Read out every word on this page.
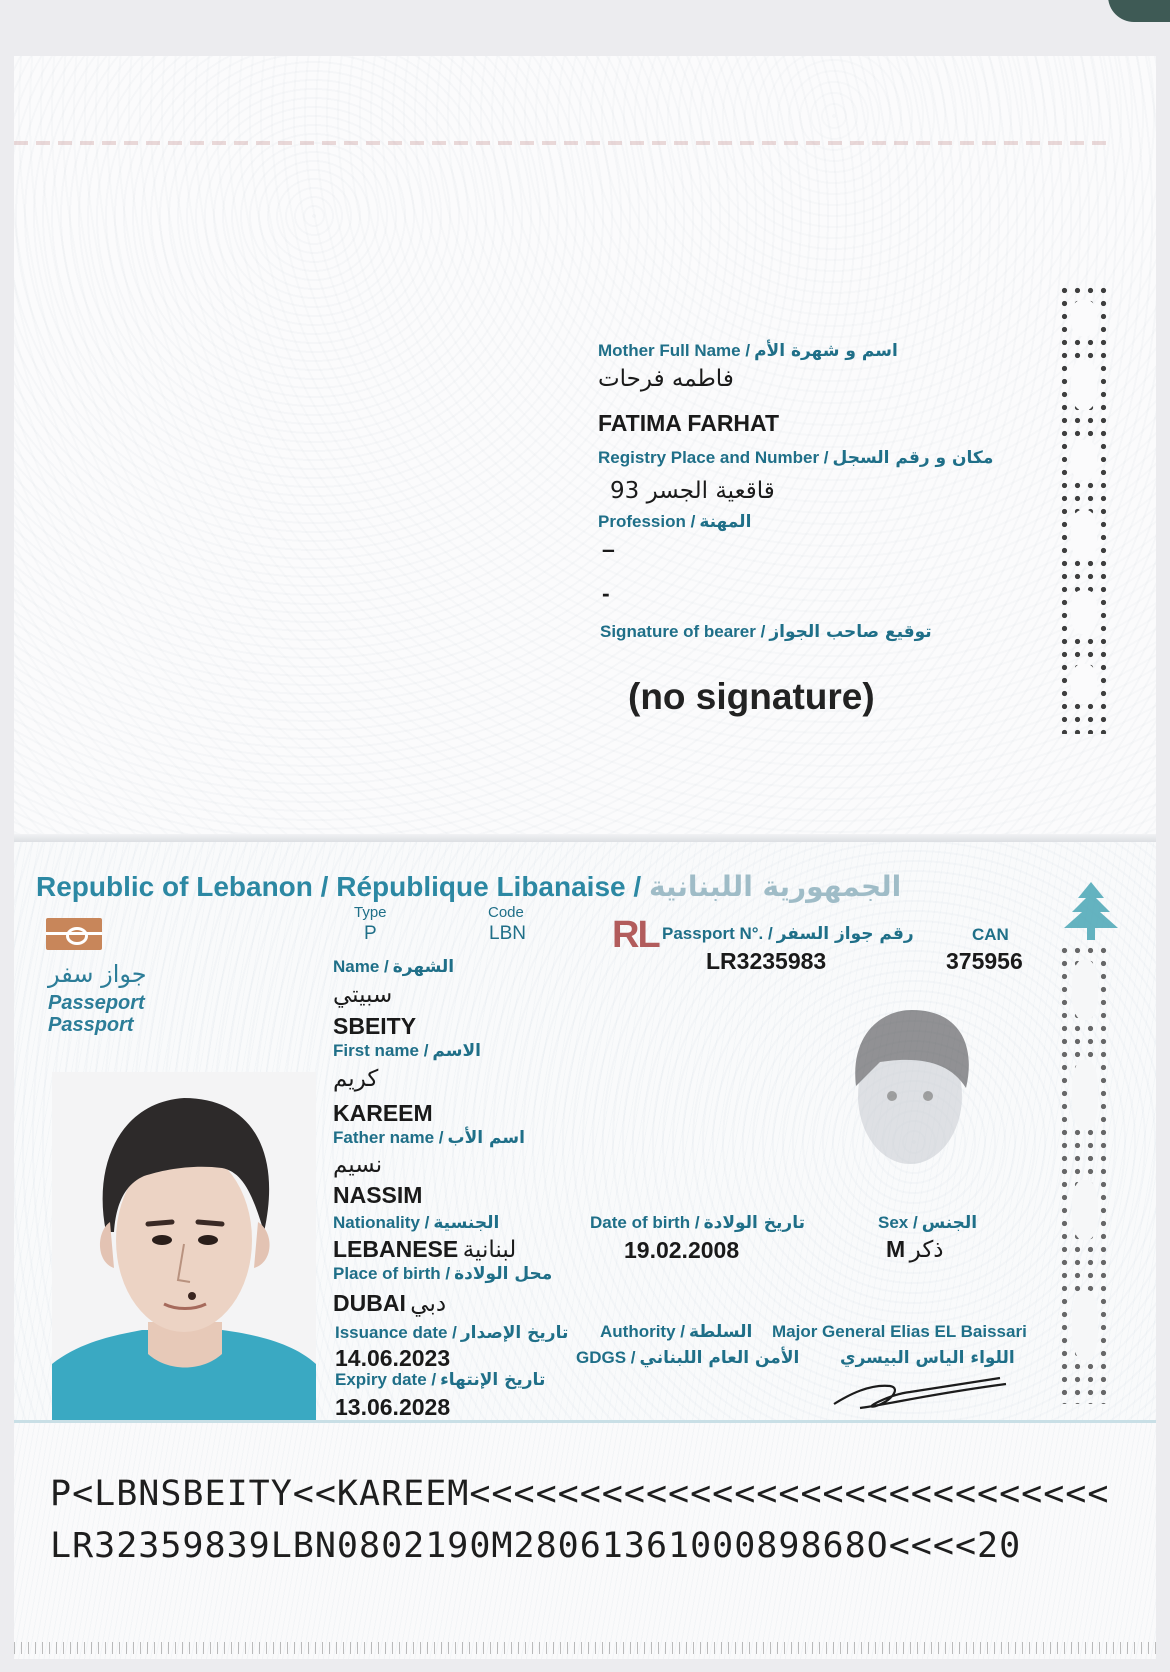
Mother Full Name / اسم و شهرة الأم
فاطمه فرحات
FATIMA FARHAT
Registry Place and Number / مكان و رقم السجل
93 قاقعية الجسر
Profession / المهنة
–
-
Signature of bearer / توقيع صاحب الجواز
(no signature)
Republic of Lebanon / République Libanaise / الجمهورية اللبنانية
جواز سفر
Passeport
Passport
Type
P
Code
LBN RL Passport N°. / رقم جواز السفر
LR3235983
CAN
375956
Name / الشهرة
سبيتي
SBEITY
First name / الاسم
كريم
KAREEM
Father name / اسم الأب
نسيم
NASSIM
Nationality / الجنسية
LEBANESE لبنانية
Date of birth / تاريخ الولادة
19.02.2008
Sex / الجنس
M ذكر
Place of birth / محل الولادة
DUBAI دبي
Issuance date / تاريخ الإصدار
14.06.2023
Expiry date / تاريخ الإنتهاء
13.06.2028
Authority / السلطة
GDGS / الأمن العام اللبناني
Major General Elias EL Baissari
اللواء الياس البيسري
P<LBNSBEITY<<KAREEM<<<<<<<<<<<<<<<<<<<<<<<<<<<<<
LR32359839LBN0802190M2806136100089868O<<<<20
